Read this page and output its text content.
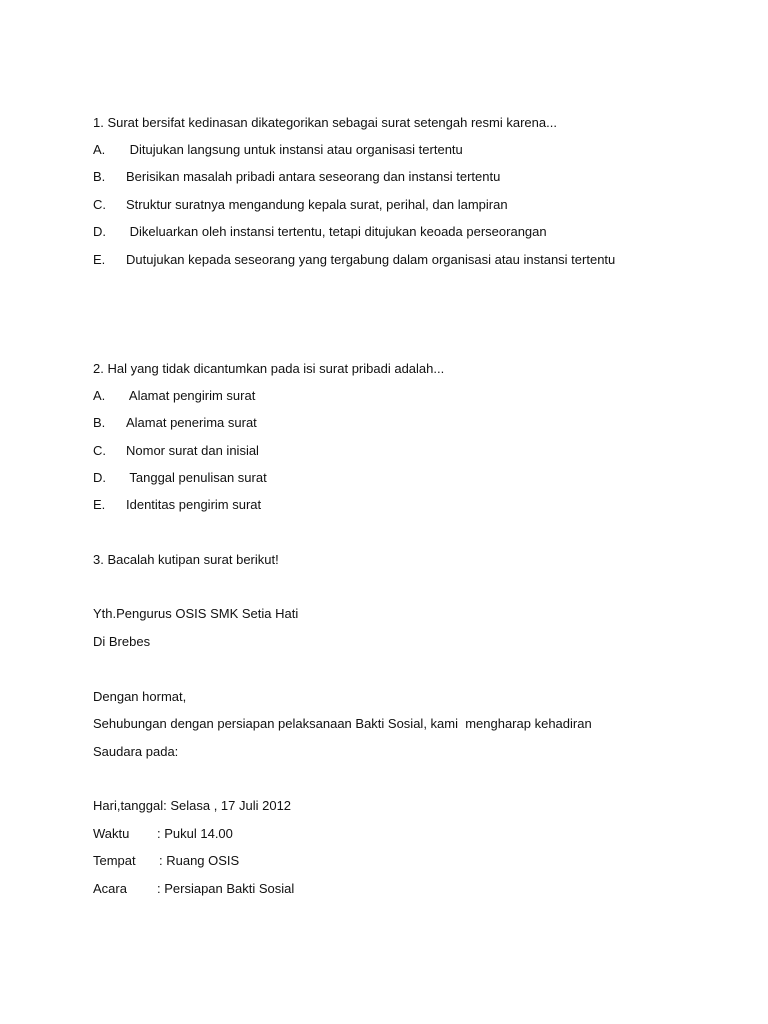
1. Surat bersifat kedinasan dikategorikan sebagai surat setengah resmi karena...
A. Ditujukan langsung untuk instansi atau organisasi tertentu
B. Berisikan masalah pribadi antara seseorang dan instansi tertentu
C. Struktur suratnya mengandung kepala surat, perihal, dan lampiran
D. Dikeluarkan oleh instansi tertentu, tetapi ditujukan keoada perseorangan
E. Dutujukan kepada seseorang yang tergabung dalam organisasi atau instansi tertentu
2. Hal yang tidak dicantumkan pada isi surat pribadi adalah...
A. Alamat pengirim surat
B. Alamat penerima surat
C. Nomor surat dan inisial
D. Tanggal penulisan surat
E. Identitas pengirim surat
3. Bacalah kutipan surat berikut!
Yth.Pengurus OSIS SMK Setia Hati
Di Brebes
Dengan hormat,
Sehubungan dengan persiapan pelaksanaan Bakti Sosial, kami  mengharap kehadiran
Saudara pada:
Hari,tanggal: Selasa , 17 Juli 2012
Waktu : Pukul 14.00
Tempat : Ruang OSIS
Acara : Persiapan Bakti Sosial
